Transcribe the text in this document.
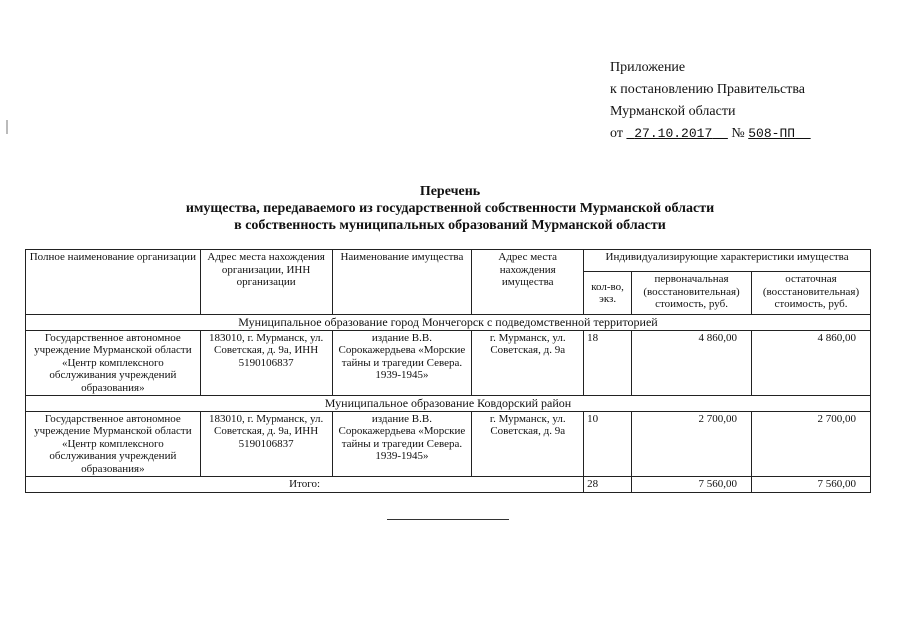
Приложение
к постановлению Правительства
Мурманской области
от 27.10.2017 № 508-ПП
Перечень
имущества, передаваемого из государственной собственности Мурманской области
в собственность муниципальных образований Мурманской области
Полное наименование организации	Адрес места нахождения организации, ИНН организации	Наименование имущества	Адрес места нахождения имущества	Индивидуализирующие характеристики имущества		
				кол-во, экз.	первоначальная (восстановительная) стоимость, руб.	остаточная (восстановительная) стоимость, руб.
Муниципальное образование город Мончегорск с подведомственной территорией						
Государственное автономное учреждение Мурманской области «Центр комплексного обслуживания учреждений образования»	183010, г. Мурманск, ул. Советская, д. 9а, ИНН 5190106837	издание В.В. Сорокажердьева «Морские тайны и трагедии Севера. 1939-1945»	г. Мурманск, ул. Советская, д. 9а	18	4 860,00	4 860,00
Муниципальное образование Ковдорский район						
Государственное автономное учреждение Мурманской области «Центр комплексного обслуживания учреждений образования»	183010, г. Мурманск, ул. Советская, д. 9а, ИНН 5190106837	издание В.В. Сорокажердьева «Морские тайны и трагедии Севера. 1939-1945»	г. Мурманск, ул. Советская, д. 9а	10	2 700,00	2 700,00
Итого:				28	7 560,00	7 560,00
